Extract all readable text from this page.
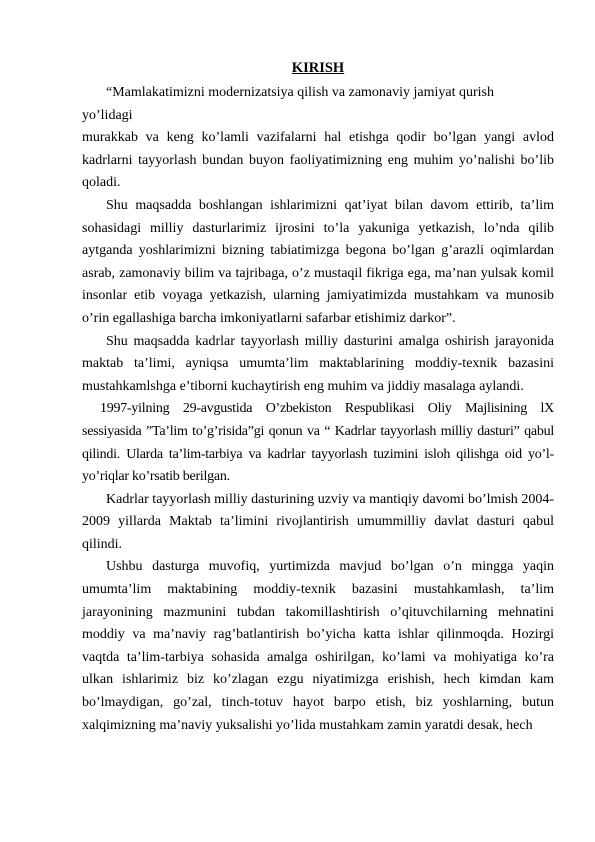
KIRISH

“Mamlakatimizni modernizatsiya qilish va zamonaviy jamiyat qurish

yo’lidagi

murakkab va keng ko’lamli vazifalarni hal etishga qodir bo’lgan yangi avlod kadrlarni tayyorlash bundan buyon faoliyatimizning eng muhim yo’nalishi bo’lib qoladi.

Shu maqsadda boshlangan ishlarimizni qat’iyat bilan davom ettirib, ta’lim sohasidagi milliy dasturlarimiz ijrosini to’la yakuniga yetkazish, lo’nda qilib aytganda yoshlarimizni bizning tabiatimizga begona bo’lgan g’arazli oqimlardan asrab, zamonaviy bilim va tajribaga, o’z mustaqil fikriga ega, ma’nan yulsak komil insonlar etib voyaga yetkazish, ularning jamiyatimizda mustahkam va munosib o’rin egallashiga barcha imkoniyatlarni safarbar etishimiz darkor”.

Shu maqsadda kadrlar tayyorlash milliy dasturini amalga oshirish jarayonida maktab ta’limi, ayniqsa umumta’lim maktablarining moddiy-texnik bazasini mustahkamlshga e’tiborni kuchaytirish eng muhim va jiddiy masalaga aylandi.

1997-yilning 29-avgustida O’zbekiston Respublikasi Oliy Majlisining lX sessiyasida ”Ta’lim to’g’risida”gi qonun va “ Kadrlar tayyorlash milliy dasturi” qabul qilindi. Ularda ta’lim-tarbiya va kadrlar tayyorlash tuzimini isloh qilishga oid yo’l-yo’riqlar ko’rsatib berilgan.

Kadrlar tayyorlash milliy dasturining uzviy va mantiqiy davomi bo’lmish 2004-2009 yillarda Maktab ta’limini rivojlantirish umummilliy davlat dasturi qabul qilindi.

Ushbu dasturga muvofiq, yurtimizda mavjud bo’lgan o’n mingga yaqin umumta’lim maktabining moddiy-texnik bazasini mustahkamlash, ta’lim jarayonining mazmunini tubdan takomillashtirish o’qituvchilarning mehnatini moddiy va ma’naviy rag’batlantirish bo’yicha katta ishlar qilinmoqda. Hozirgi vaqtda ta’lim-tarbiya sohasida amalga oshirilgan, ko’lami va mohiyatiga ko’ra ulkan ishlarimiz biz ko’zlagan ezgu niyatimizga erishish, hech kimdan kam bo’lmaydigan, go’zal, tinch-totuv hayot barpo etish, biz yoshlarning, butun xalqimizning ma’naviy yuksalishi yo’lida mustahkam zamin yaratdi desak, hech
